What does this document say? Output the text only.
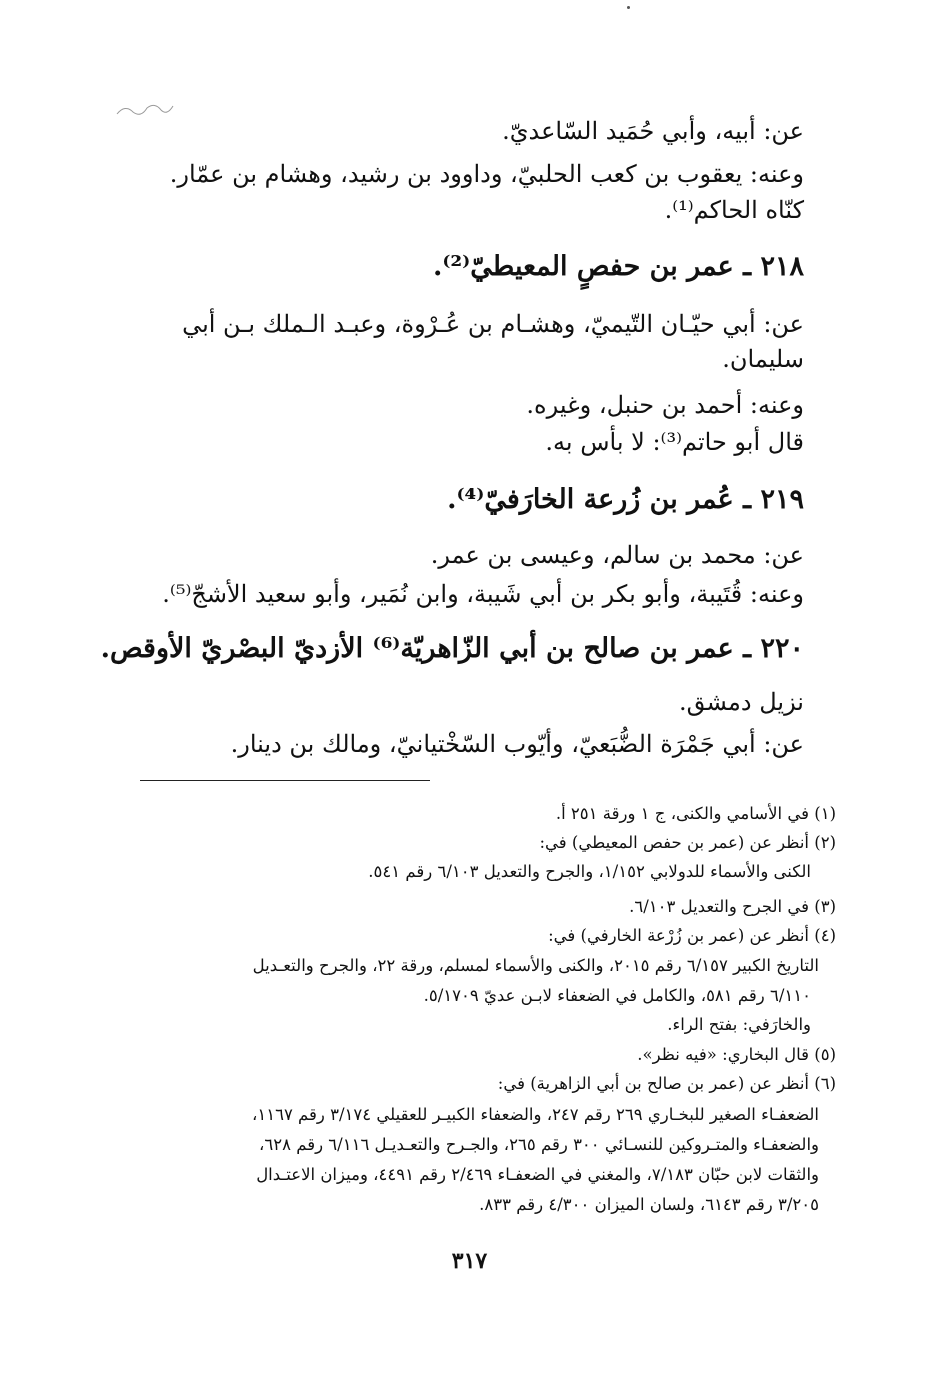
عن: أبيه، وأبي حُمَيد السّاعديّ.
وعنه: يعقوب بن كعب الحلبيّ، وداوود بن رشيد، وهشام بن عمّار.
كنّاه الحاكم⁽¹⁾.
٢١٨ ـ عمر بن حفصٍ المعيطيّ⁽²⁾.
عن: أبي حيّـان التّيميّ، وهشـام بن عُـرْوة، وعبـد الـملك بـن أبي
سليمان.
وعنه: أحمد بن حنبل، وغيره.
قال أبو حاتم⁽³⁾: لا بأس به.
٢١٩ ـ عُمر بن زُرعة الخارَفيّ⁽⁴⁾.
عن: محمد بن سالم، وعيسى بن عمر.
وعنه: قُتَيبة، وأبو بكر بن أبي شَيبة، وابن نُمَير، وأبو سعيد الأشجّ⁽⁵⁾.
٢٢٠ ـ عمر بن صالح بن أبي الزّاهريّة⁽⁶⁾ الأزديّ البصْريّ الأوقص.
نزيل دمشق.
عن: أبي جَمْرَة الضُّبَعيّ، وأيّوب السّخْتيانيّ، ومالك بن دينار.
(١) في الأسامي والكنى، ج ١ ورقة ٢٥١ أ.
(٢) أنظر عن (عمر بن حفص المعيطي) في:
الكنى والأسماء للدولابي ١/١٥٢، والجرح والتعديل ٦/١٠٣ رقم ٥٤١.
(٣) في الجرح والتعديل ٦/١٠٣.
(٤) أنظر عن (عمر بن زُرْعة الخارفي) في:
التاريخ الكبير ٦/١٥٧ رقم ٢٠١٥، والكنى والأسماء لمسلم، ورقة ٢٢، والجرح والتعـديل
٦/١١٠ رقم ٥٨١، والكامل في الضعفاء لابـن عديّ ٥/١٧٠٩.
والخارَفي: بفتح الراء.
(٥) قال البخاري: «فيه نظر».
(٦) أنظر عن (عمر بن صالح بن أبي الزاهرية) في:
الضعفـاء الصغير للبخـاري ٢٦٩ رقم ٢٤٧، والضعفاء الكبيـر للعقيلي ٣/١٧٤ رقم ١١٦٧،
والضعفـاء والمتـروكين للنسـائي ٣٠٠ رقم ٢٦٥، والجـرح والتعـديـل ٦/١١٦ رقم ٦٢٨،
والثقات لابن حبّان ٧/١٨٣، والمغني في الضعفـاء ٢/٤٦٩ رقم ٤٤٩١، وميزان الاعتـدال
٣/٢٠٥ رقم ٦١٤٣، ولسان الميزان ٤/٣٠٠ رقم ٨٣٣.
٣١٧
